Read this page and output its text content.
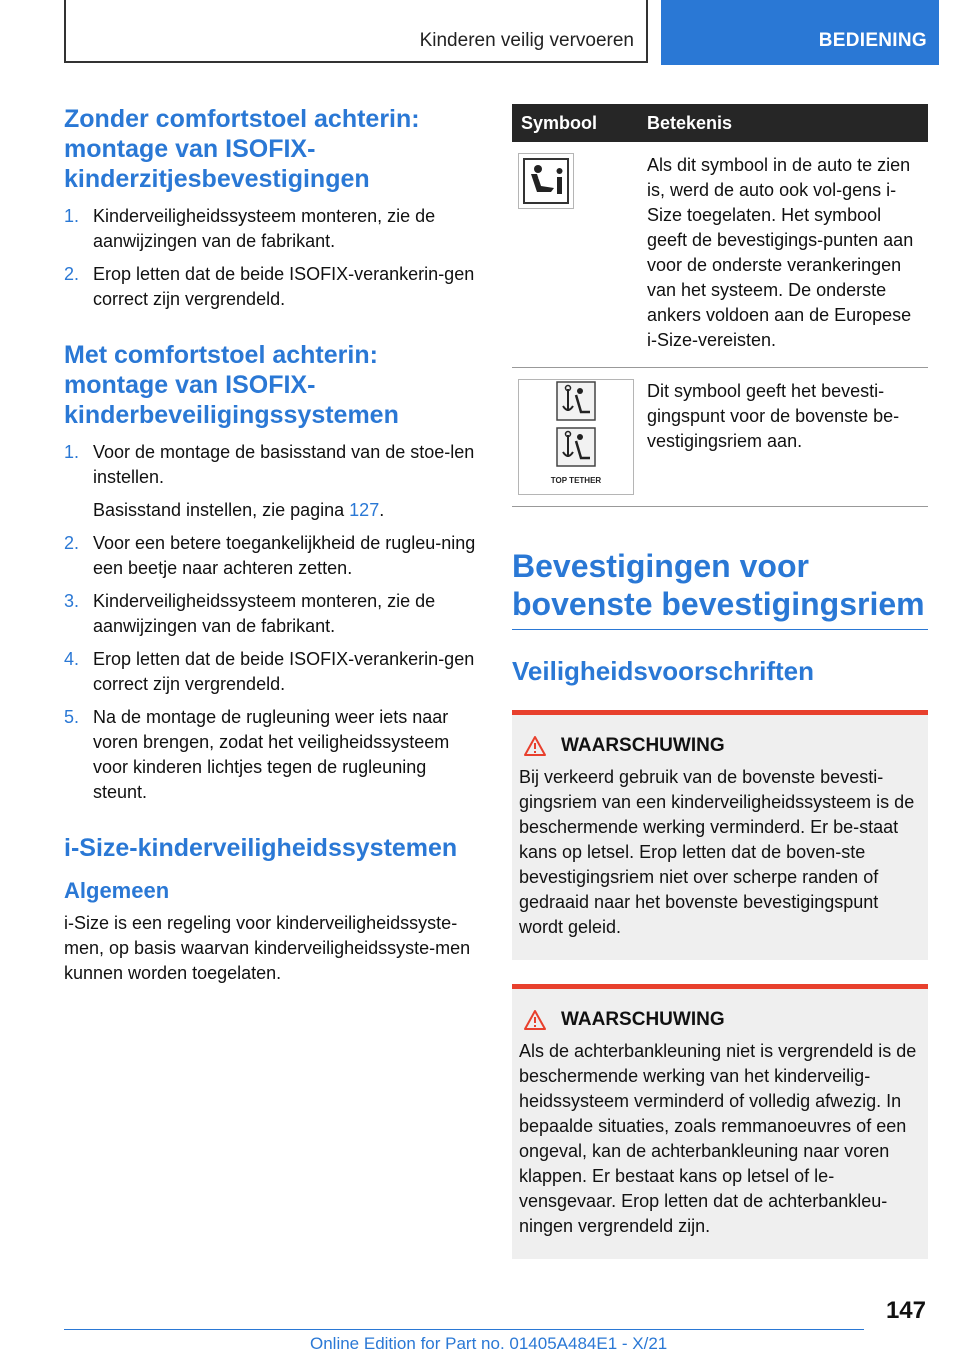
Kinderen veilig vervoeren	BEDIENING
Zonder comfortstoel achterin: montage van ISOFIX-kinderzitjesbevestigingen
1. Kinderveiligheidssysteem monteren, zie de aanwijzingen van de fabrikant.
2. Erop letten dat de beide ISOFIX-verankerin-gen correct zijn vergrendeld.
Met comfortstoel achterin: montage van ISOFIX-kinderbeveiligingssystemen
1. Voor de montage de basisstand van de stoe-len instellen.
Basisstand instellen, zie pagina 127.
2. Voor een betere toegankelijkheid de rugleu-ning een beetje naar achteren zetten.
3. Kinderveiligheidssysteem monteren, zie de aanwijzingen van de fabrikant.
4. Erop letten dat de beide ISOFIX-verankerin-gen correct zijn vergrendeld.
5. Na de montage de rugleuning weer iets naar voren brengen, zodat het veiligheidssysteem voor kinderen lichtjes tegen de rugleuning steunt.
i-Size-kinderveiligheidssystemen
Algemeen

i-Size is een regeling voor kinderveiligheidssyste-men, op basis waarvan kinderveiligheidssyste-men kunnen worden toegelaten.

Symbool	Betekenis

	Als dit symbool in de auto te zien is, werd de auto ook vol-gens i-Size toegelaten. Het symbool geeft de bevestigings-punten aan voor de onderste verankeringen van het systeem. De onderste ankers voldoen aan de Europese i-Size-vereisten.

TOP TETHER	Dit symbool geeft het bevesti-gingspunt voor de bovenste be-vestigingsriem aan.
Bevestigingen voor bovenste bevestigingsriem
Veiligheidsvoorschriften
WAARSCHUWING

Bij verkeerd gebruik van de bovenste bevesti-gingsriem van een kinderveiligheidssysteem is de beschermende werking verminderd. Er be-staat kans op letsel. Erop letten dat de boven-ste bevestigingsriem niet over scherpe randen of gedraaid naar het bovenste bevestigingspunt wordt geleid.

WAARSCHUWING

Als de achterbankleuning niet is vergrendeld is de beschermende werking van het kinderveilig-heidssysteem verminderd of volledig afwezig. In bepaalde situaties, zoals remmanoeuvres of een ongeval, kan de achterbankleuning naar voren klappen. Er bestaat kans op letsel of le-vensgevaar. Erop letten dat de achterbankleu-ningen vergrendeld zijn.

147
Online Edition for Part no. 01405A484E1 - X/21
